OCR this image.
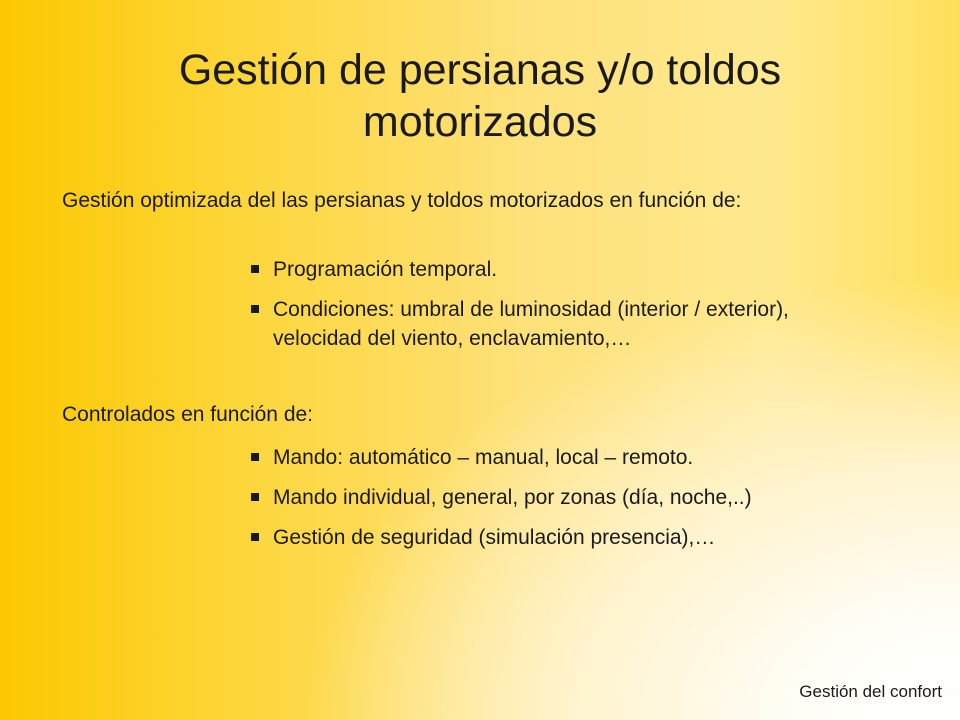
Gestión de persianas y/o toldos motorizados

Gestión optimizada del las persianas y toldos motorizados en función de:

Programación temporal.
Condiciones: umbral de luminosidad (interior / exterior), velocidad del viento, enclavamiento,…

Controlados en función de:

Mando: automático – manual, local – remoto.
Mando individual, general, por zonas (día, noche,..)
Gestión de seguridad (simulación presencia),…
Gestión del confort
